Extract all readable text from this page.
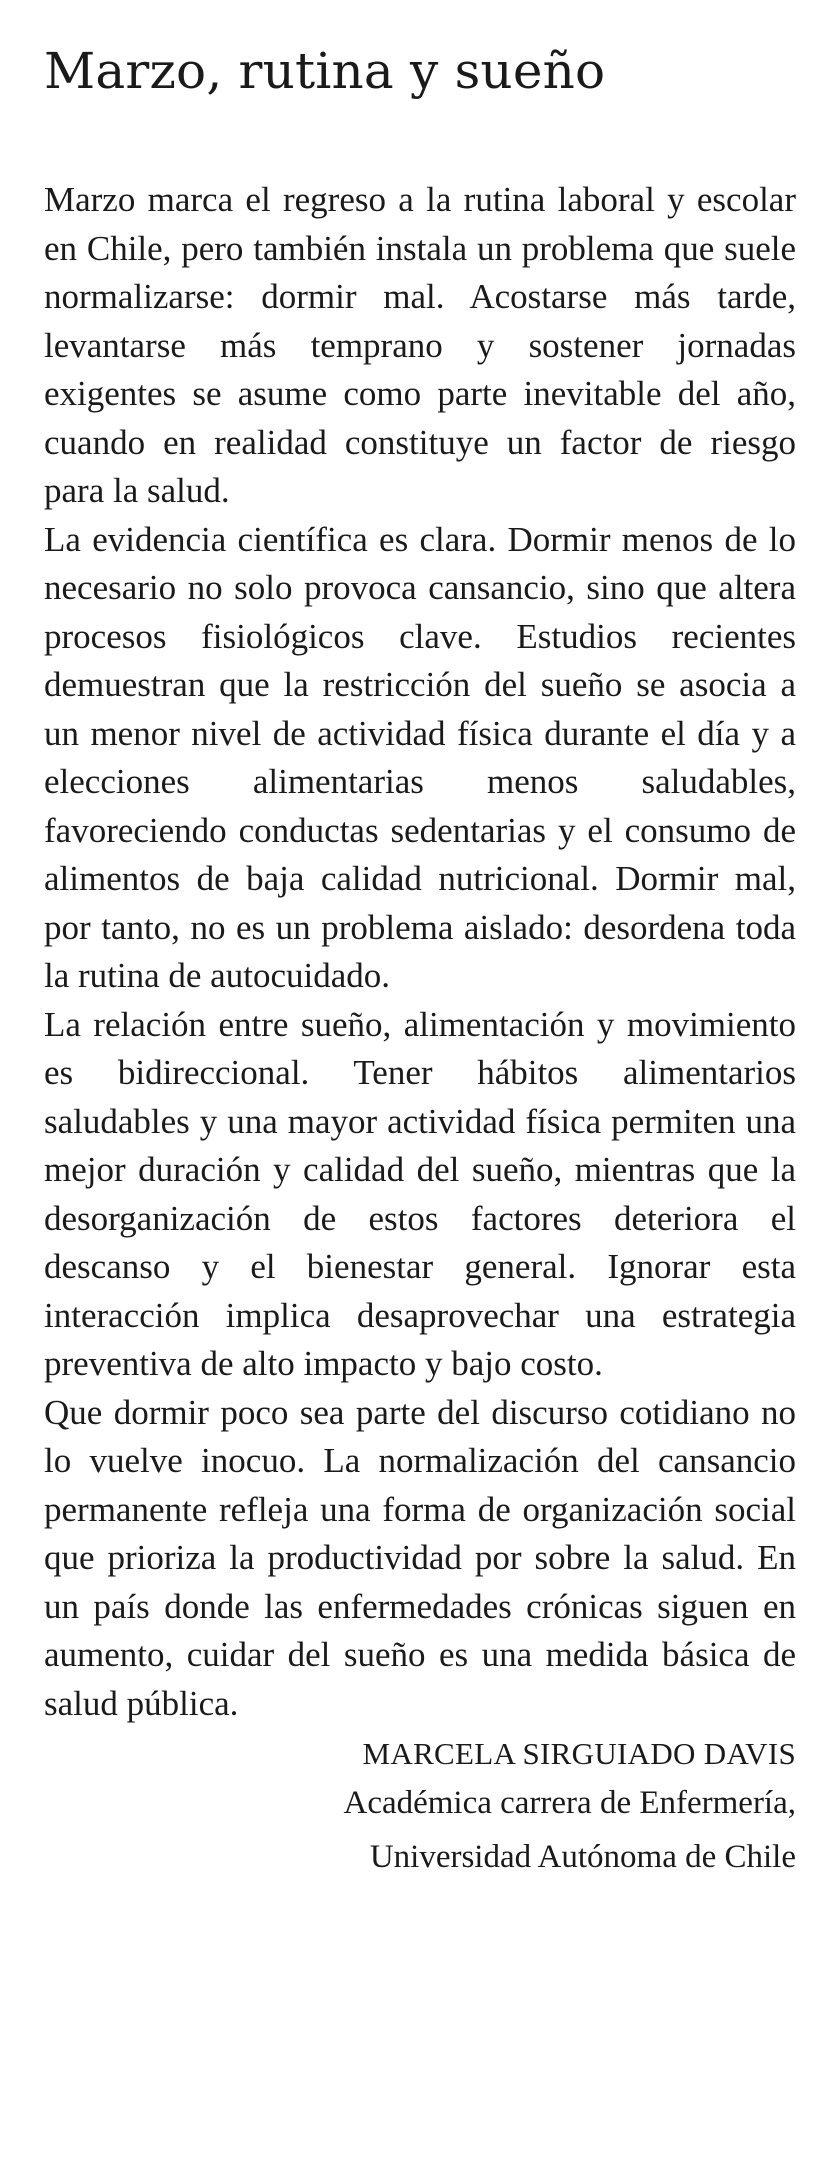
Marzo, rutina y sueño

Marzo marca el regreso a la rutina laboral y escolar en Chile, pero también instala un problema que suele normalizarse: dormir mal. Acostarse más tarde, levantarse más temprano y sostener jornadas exigentes se asume como parte inevitable del año, cuando en realidad constituye un factor de riesgo para la salud.

La evidencia científica es clara. Dormir menos de lo necesario no solo provoca cansancio, sino que altera procesos fisiológicos clave. Estudios recientes demuestran que la restricción del sueño se asocia a un menor nivel de actividad física durante el día y a elecciones alimentarias menos saludables, favoreciendo conductas sedentarias y el consumo de alimentos de baja calidad nutricional. Dormir mal, por tanto, no es un problema aislado: desordena toda la rutina de autocuidado.

La relación entre sueño, alimentación y movimiento es bidireccional. Tener hábitos alimentarios saludables y una mayor actividad física permiten una mejor duración y calidad del sueño, mientras que la desorganización de estos factores deteriora el descanso y el bienestar general. Ignorar esta interacción implica desaprovechar una estrategia preventiva de alto impacto y bajo costo.

Que dormir poco sea parte del discurso cotidiano no lo vuelve inocuo. La normalización del cansancio permanente refleja una forma de organización social que prioriza la productividad por sobre la salud. En un país donde las enfermedades crónicas siguen en aumento, cuidar del sueño es una medida básica de salud pública.

MARCELA SIRGUIADO DAVIS
Académica carrera de Enfermería,
Universidad Autónoma de Chile
